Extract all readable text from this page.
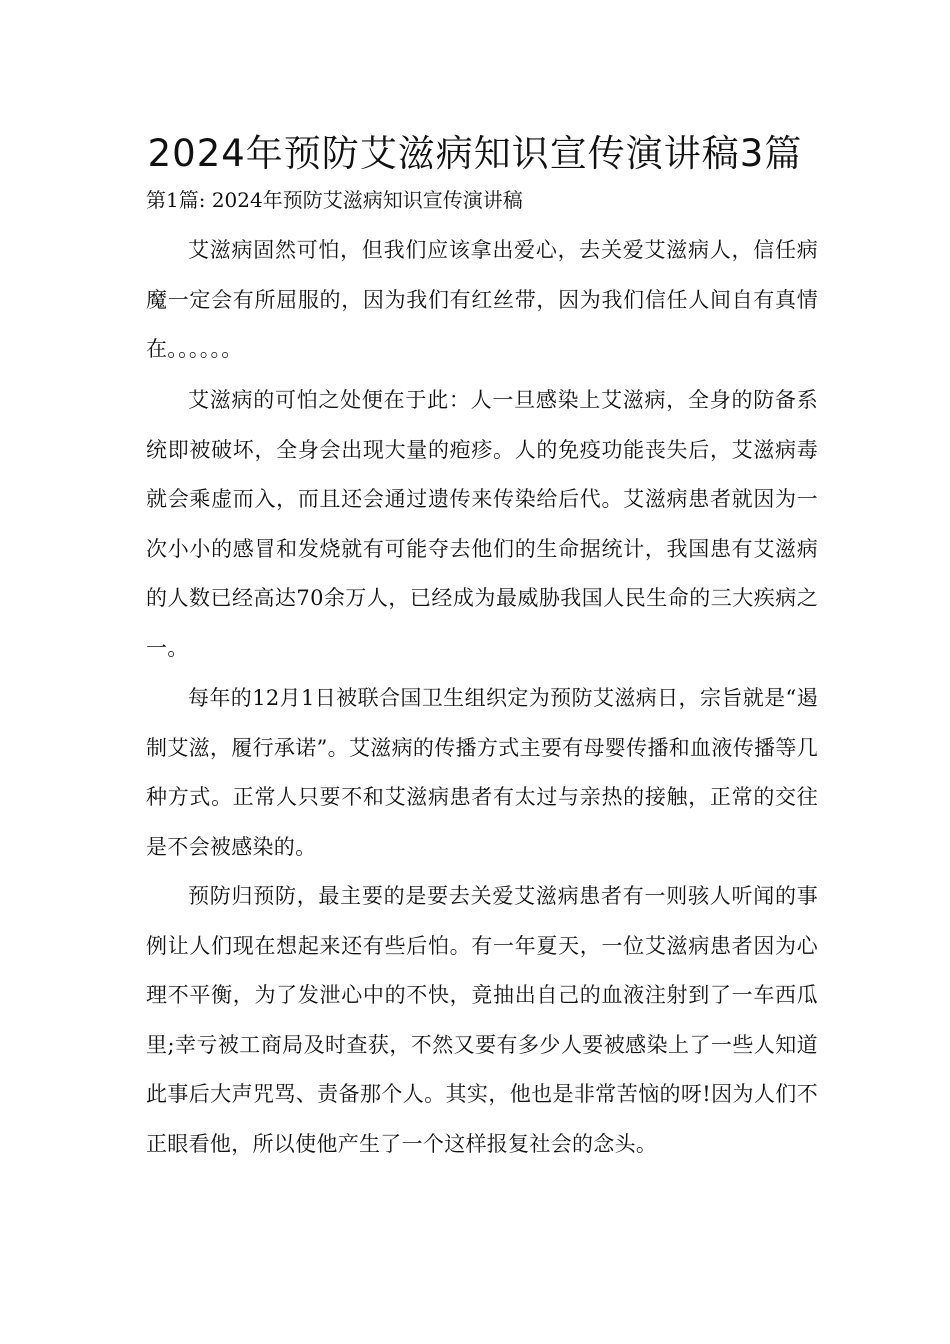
2024年预防艾滋病知识宣传演讲稿3篇

第1篇: 2024年预防艾滋病知识宣传演讲稿

艾滋病固然可怕，但我们应该拿出爱心，去关爱艾滋病人，信任病魔一定会有所屈服的，因为我们有红丝带，因为我们信任人间自有真情在。。。。。。

艾滋病的可怕之处便在于此：人一旦感染上艾滋病，全身的防备系统即被破坏，全身会出现大量的疱疹。人的免疫功能丧失后，艾滋病毒就会乘虚而入，而且还会通过遗传来传染给后代。艾滋病患者就因为一次小小的感冒和发烧就有可能夺去他们的生命据统计，我国患有艾滋病的人数已经高达70余万人，已经成为最威胁我国人民生命的三大疾病之一。

每年的12月1日被联合国卫生组织定为预防艾滋病日，宗旨就是“遏制艾滋，履行承诺”。艾滋病的传播方式主要有母婴传播和血液传播等几种方式。正常人只要不和艾滋病患者有太过与亲热的接触，正常的交往是不会被感染的。

预防归预防，最主要的是要去关爱艾滋病患者有一则骇人听闻的事例让人们现在想起来还有些后怕。有一年夏天，一位艾滋病患者因为心理不平衡，为了发泄心中的不快，竟抽出自己的血液注射到了一车西瓜里;幸亏被工商局及时查获，不然又要有多少人要被感染上了一些人知道此事后大声咒骂、责备那个人。其实，他也是非常苦恼的呀!因为人们不正眼看他，所以使他产生了一个这样报复社会的念头。
